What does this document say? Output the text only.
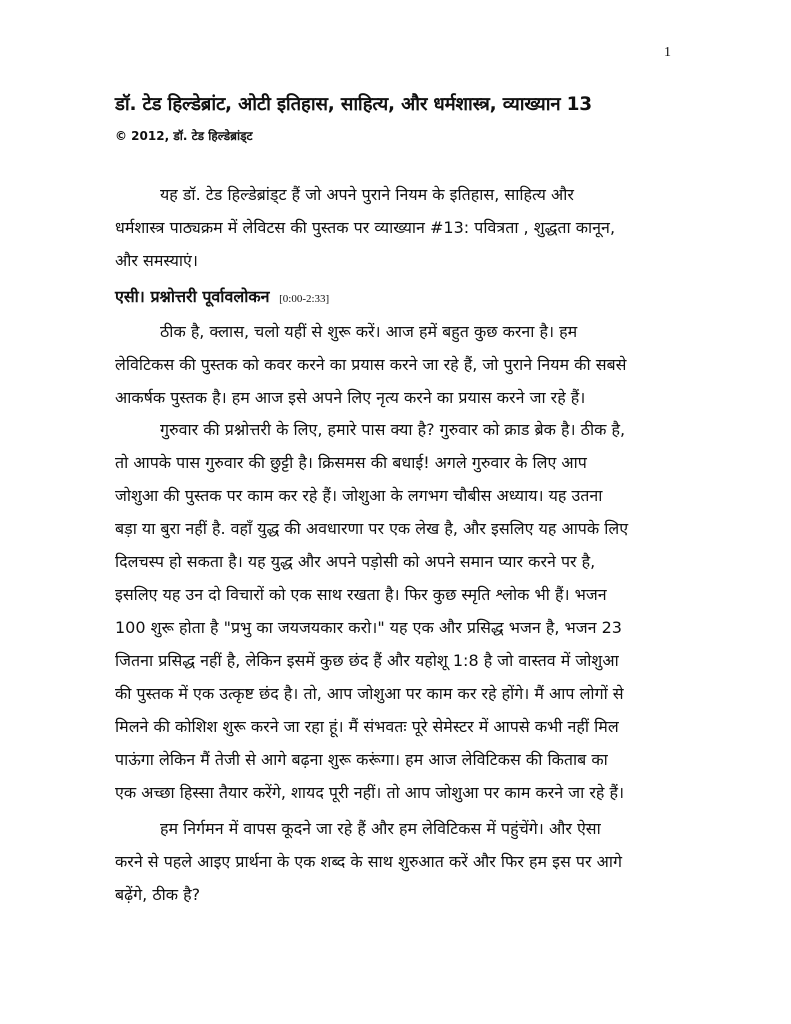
1
डॉ. टेड हिल्डेब्रांट, ओटी इतिहास, साहित्य, और धर्मशास्त्र, व्याख्यान 13
© 2012, डॉ. टेड हिल्डेब्रांड्ट
यह डॉ. टेड हिल्डेब्रांड्ट हैं जो अपने पुराने नियम के इतिहास, साहित्य और
धर्मशास्त्र पाठ्यक्रम में लेविटस की पुस्तक पर व्याख्यान #13: पवित्रता , शुद्धता कानून,
और समस्याएं।
एसी। प्रश्नोत्तरी पूर्वावलोकन [0:00-2:33]
ठीक है, क्लास, चलो यहीं से शुरू करें। आज हमें बहुत कुछ करना है। हम
लेविटिकस की पुस्तक को कवर करने का प्रयास करने जा रहे हैं, जो पुराने नियम की सबसे
आकर्षक पुस्तक है। हम आज इसे अपने लिए नृत्य करने का प्रयास करने जा रहे हैं।
गुरुवार की प्रश्नोत्तरी के लिए, हमारे पास क्या है? गुरुवार को क्राड ब्रेक है। ठीक है,
तो आपके पास गुरुवार की छुट्टी है। क्रिसमस की बधाई! अगले गुरुवार के लिए आप
जोशुआ की पुस्तक पर काम कर रहे हैं। जोशुआ के लगभग चौबीस अध्याय। यह उतना
बड़ा या बुरा नहीं है. वहाँ युद्ध की अवधारणा पर एक लेख है, और इसलिए यह आपके लिए
दिलचस्प हो सकता है। यह युद्ध और अपने पड़ोसी को अपने समान प्यार करने पर है,
इसलिए यह उन दो विचारों को एक साथ रखता है। फिर कुछ स्मृति श्लोक भी हैं। भजन
100 शुरू होता है "प्रभु का जयजयकार करो।" यह एक और प्रसिद्ध भजन है, भजन 23
जितना प्रसिद्ध नहीं है, लेकिन इसमें कुछ छंद हैं और यहोशू 1:8 है जो वास्तव में जोशुआ
की पुस्तक में एक उत्कृष्ट छंद है। तो, आप जोशुआ पर काम कर रहे होंगे। मैं आप लोगों से
मिलने की कोशिश शुरू करने जा रहा हूं। मैं संभवतः पूरे सेमेस्टर में आपसे कभी नहीं मिल
पाऊंगा लेकिन मैं तेजी से आगे बढ़ना शुरू करूंगा। हम आज लेविटिकस की किताब का
एक अच्छा हिस्सा तैयार करेंगे, शायद पूरी नहीं। तो आप जोशुआ पर काम करने जा रहे हैं।
हम निर्गमन में वापस कूदने जा रहे हैं और हम लेविटिकस में पहुंचेंगे। और ऐसा
करने से पहले आइए प्रार्थना के एक शब्द के साथ शुरुआत करें और फिर हम इस पर आगे
बढ़ेंगे, ठीक है?
